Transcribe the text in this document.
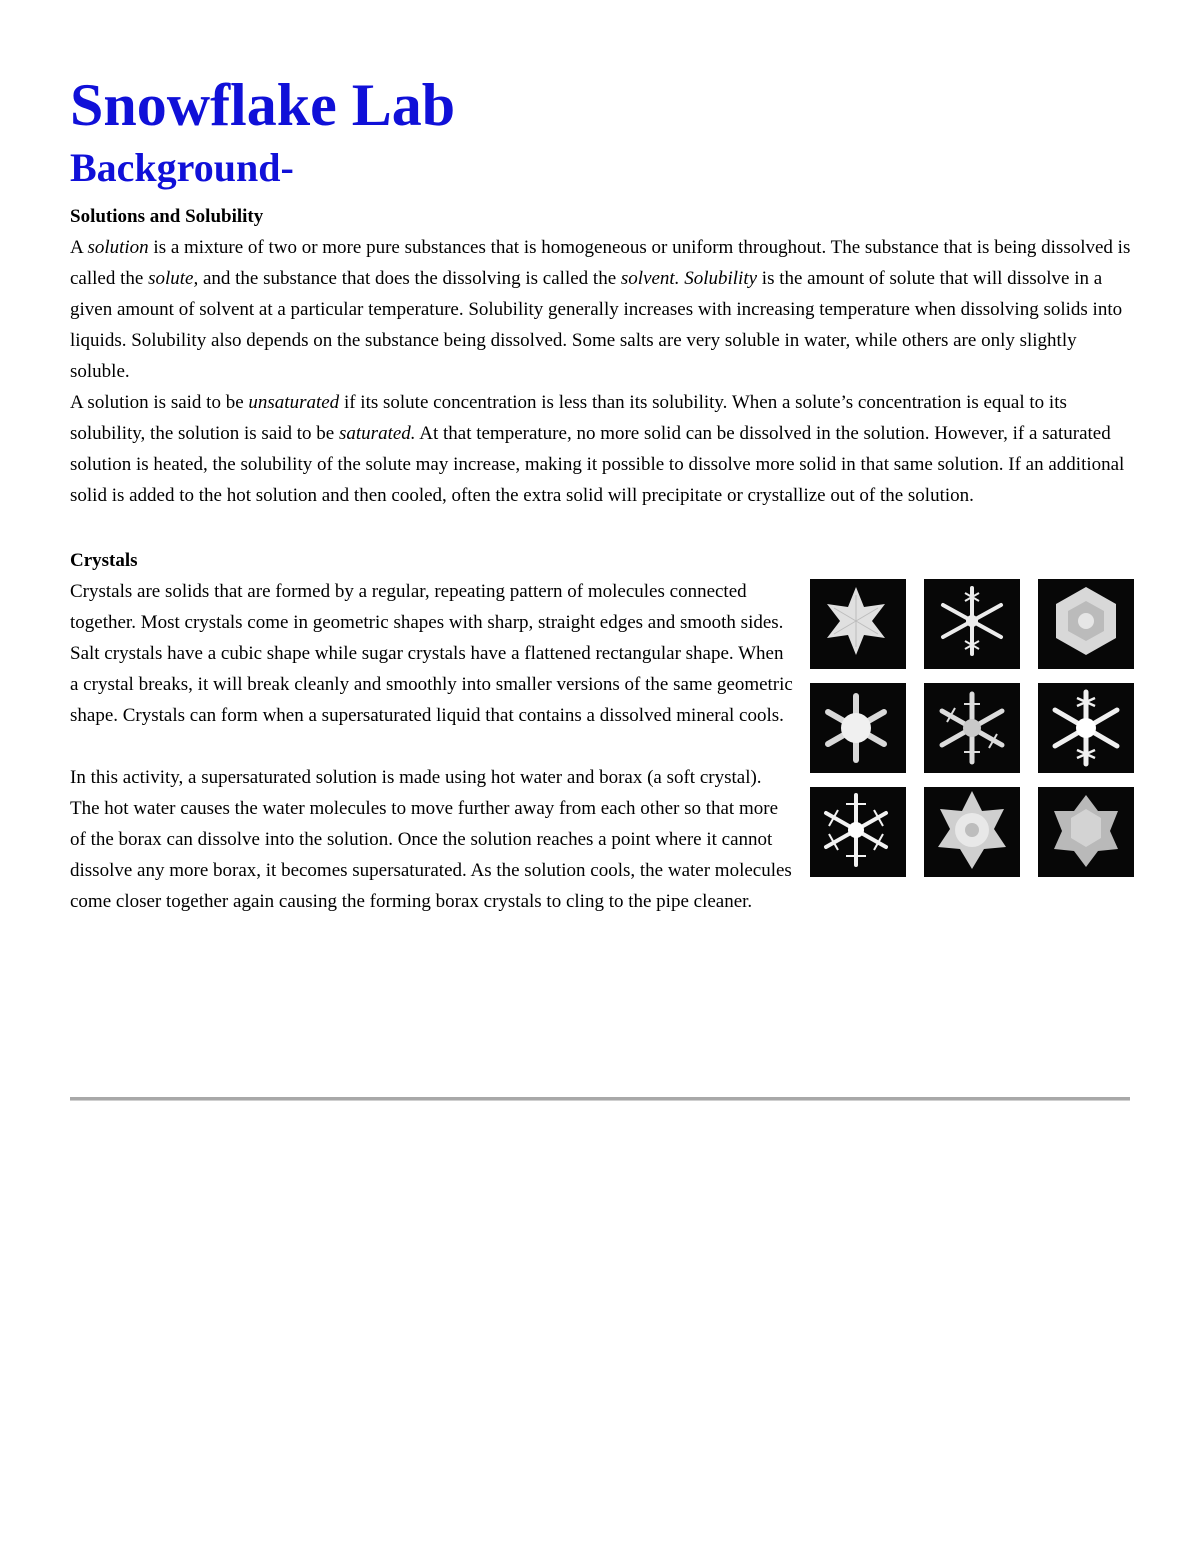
Snowflake Lab
Background-
Solutions and Solubility

A solution is a mixture of two or more pure substances that is homogeneous or uniform throughout. The substance that is being dissolved is called the solute, and the substance that does the dissolving is called the solvent. Solubility is the amount of solute that will dissolve in a given amount of solvent at a particular temperature. Solubility generally increases with increasing temperature when dissolving solids into liquids. Solubility also depends on the substance being dissolved. Some salts are very soluble in water, while others are only slightly soluble.

A solution is said to be unsaturated if its solute concentration is less than its solubility. When a solute’s concentration is equal to its solubility, the solution is said to be saturated. At that temperature, no more solid can be dissolved in the solution. However, if a saturated solution is heated, the solubility of the solute may increase, making it possible to dissolve more solid in that same solution. If an additional solid is added to the hot solution and then cooled, often the extra solid will precipitate or crystallize out of the solution.

Crystals

Crystals are solids that are formed by a regular, repeating pattern of molecules connected together. Most crystals come in geometric shapes with sharp, straight edges and smooth sides. Salt crystals have a cubic shape while sugar crystals have a flattened rectangular shape. When a crystal breaks, it will break cleanly and smoothly into smaller versions of the same geometric shape. Crystals can form when a supersaturated liquid that contains a dissolved mineral cools.

In this activity, a supersaturated solution is made using hot water and borax (a soft crystal). The hot water causes the water molecules to move further away from each other so that more of the borax can dissolve into the solution. Once the solution reaches a point where it cannot dissolve any more borax, it becomes supersaturated. As the solution cools, the water molecules come closer together again causing the forming borax crystals to cling to the pipe cleaner.
